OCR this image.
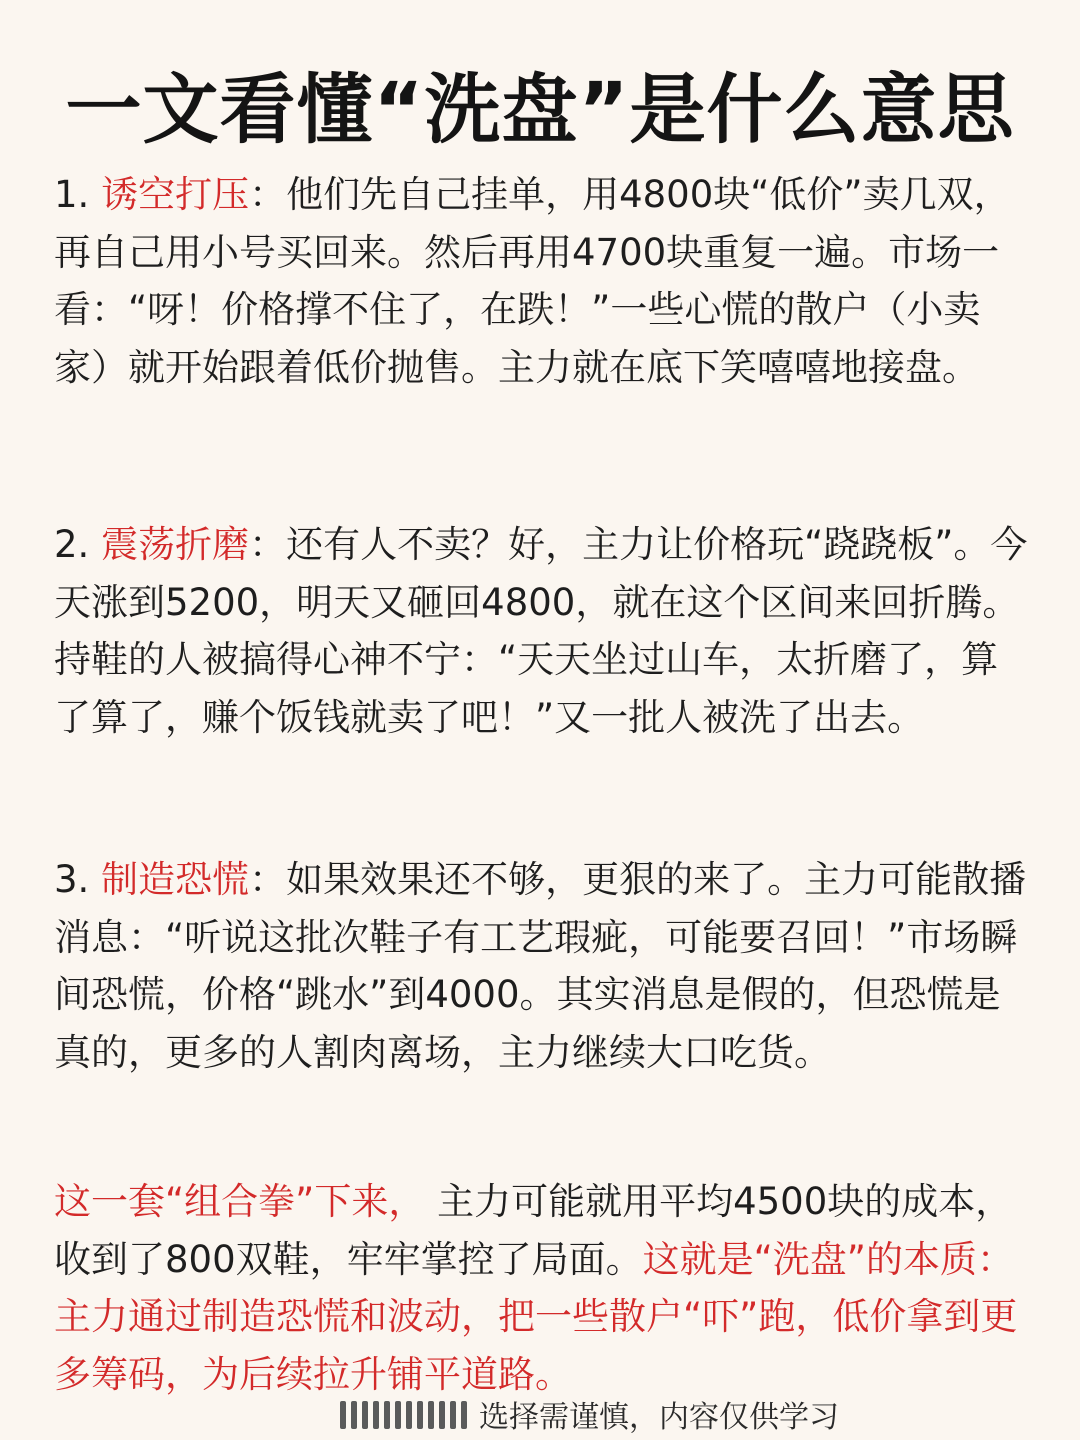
一文看懂“洗盘”是什么意思
1. 诱空打压：他们先自己挂单，用4800块“低价”卖几双，再自己用小号买回来。然后再用4700块重复一遍。市场一看：“呀！价格撑不住了，在跌！”一些心慌的散户（小卖家）就开始跟着低价抛售。主力就在底下笑嘻嘻地接盘。
2. 震荡折磨：还有人不卖？好，主力让价格玩“跷跷板”。今天涨到5200，明天又砸回4800，就在这个区间来回折腾。持鞋的人被搞得心神不宁：“天天坐过山车，太折磨了，算了算了，赚个饭钱就卖了吧！”又一批人被洗了出去。
3. 制造恐慌：如果效果还不够，更狠的来了。主力可能散播消息：“听说这批次鞋子有工艺瑕疵，可能要召回！”市场瞬间恐慌，价格“跳水”到4000。其实消息是假的，但恐慌是真的，更多的人割肉离场，主力继续大口吃货。
这一套“组合拳”下来， 主力可能就用平均4500块的成本，收到了800双鞋，牢牢掌控了局面。这就是“洗盘”的本质：主力通过制造恐慌和波动，把一些散户“吓”跑，低价拿到更多筹码，为后续拉升铺平道路。
选择需谨慎，内容仅供学习
